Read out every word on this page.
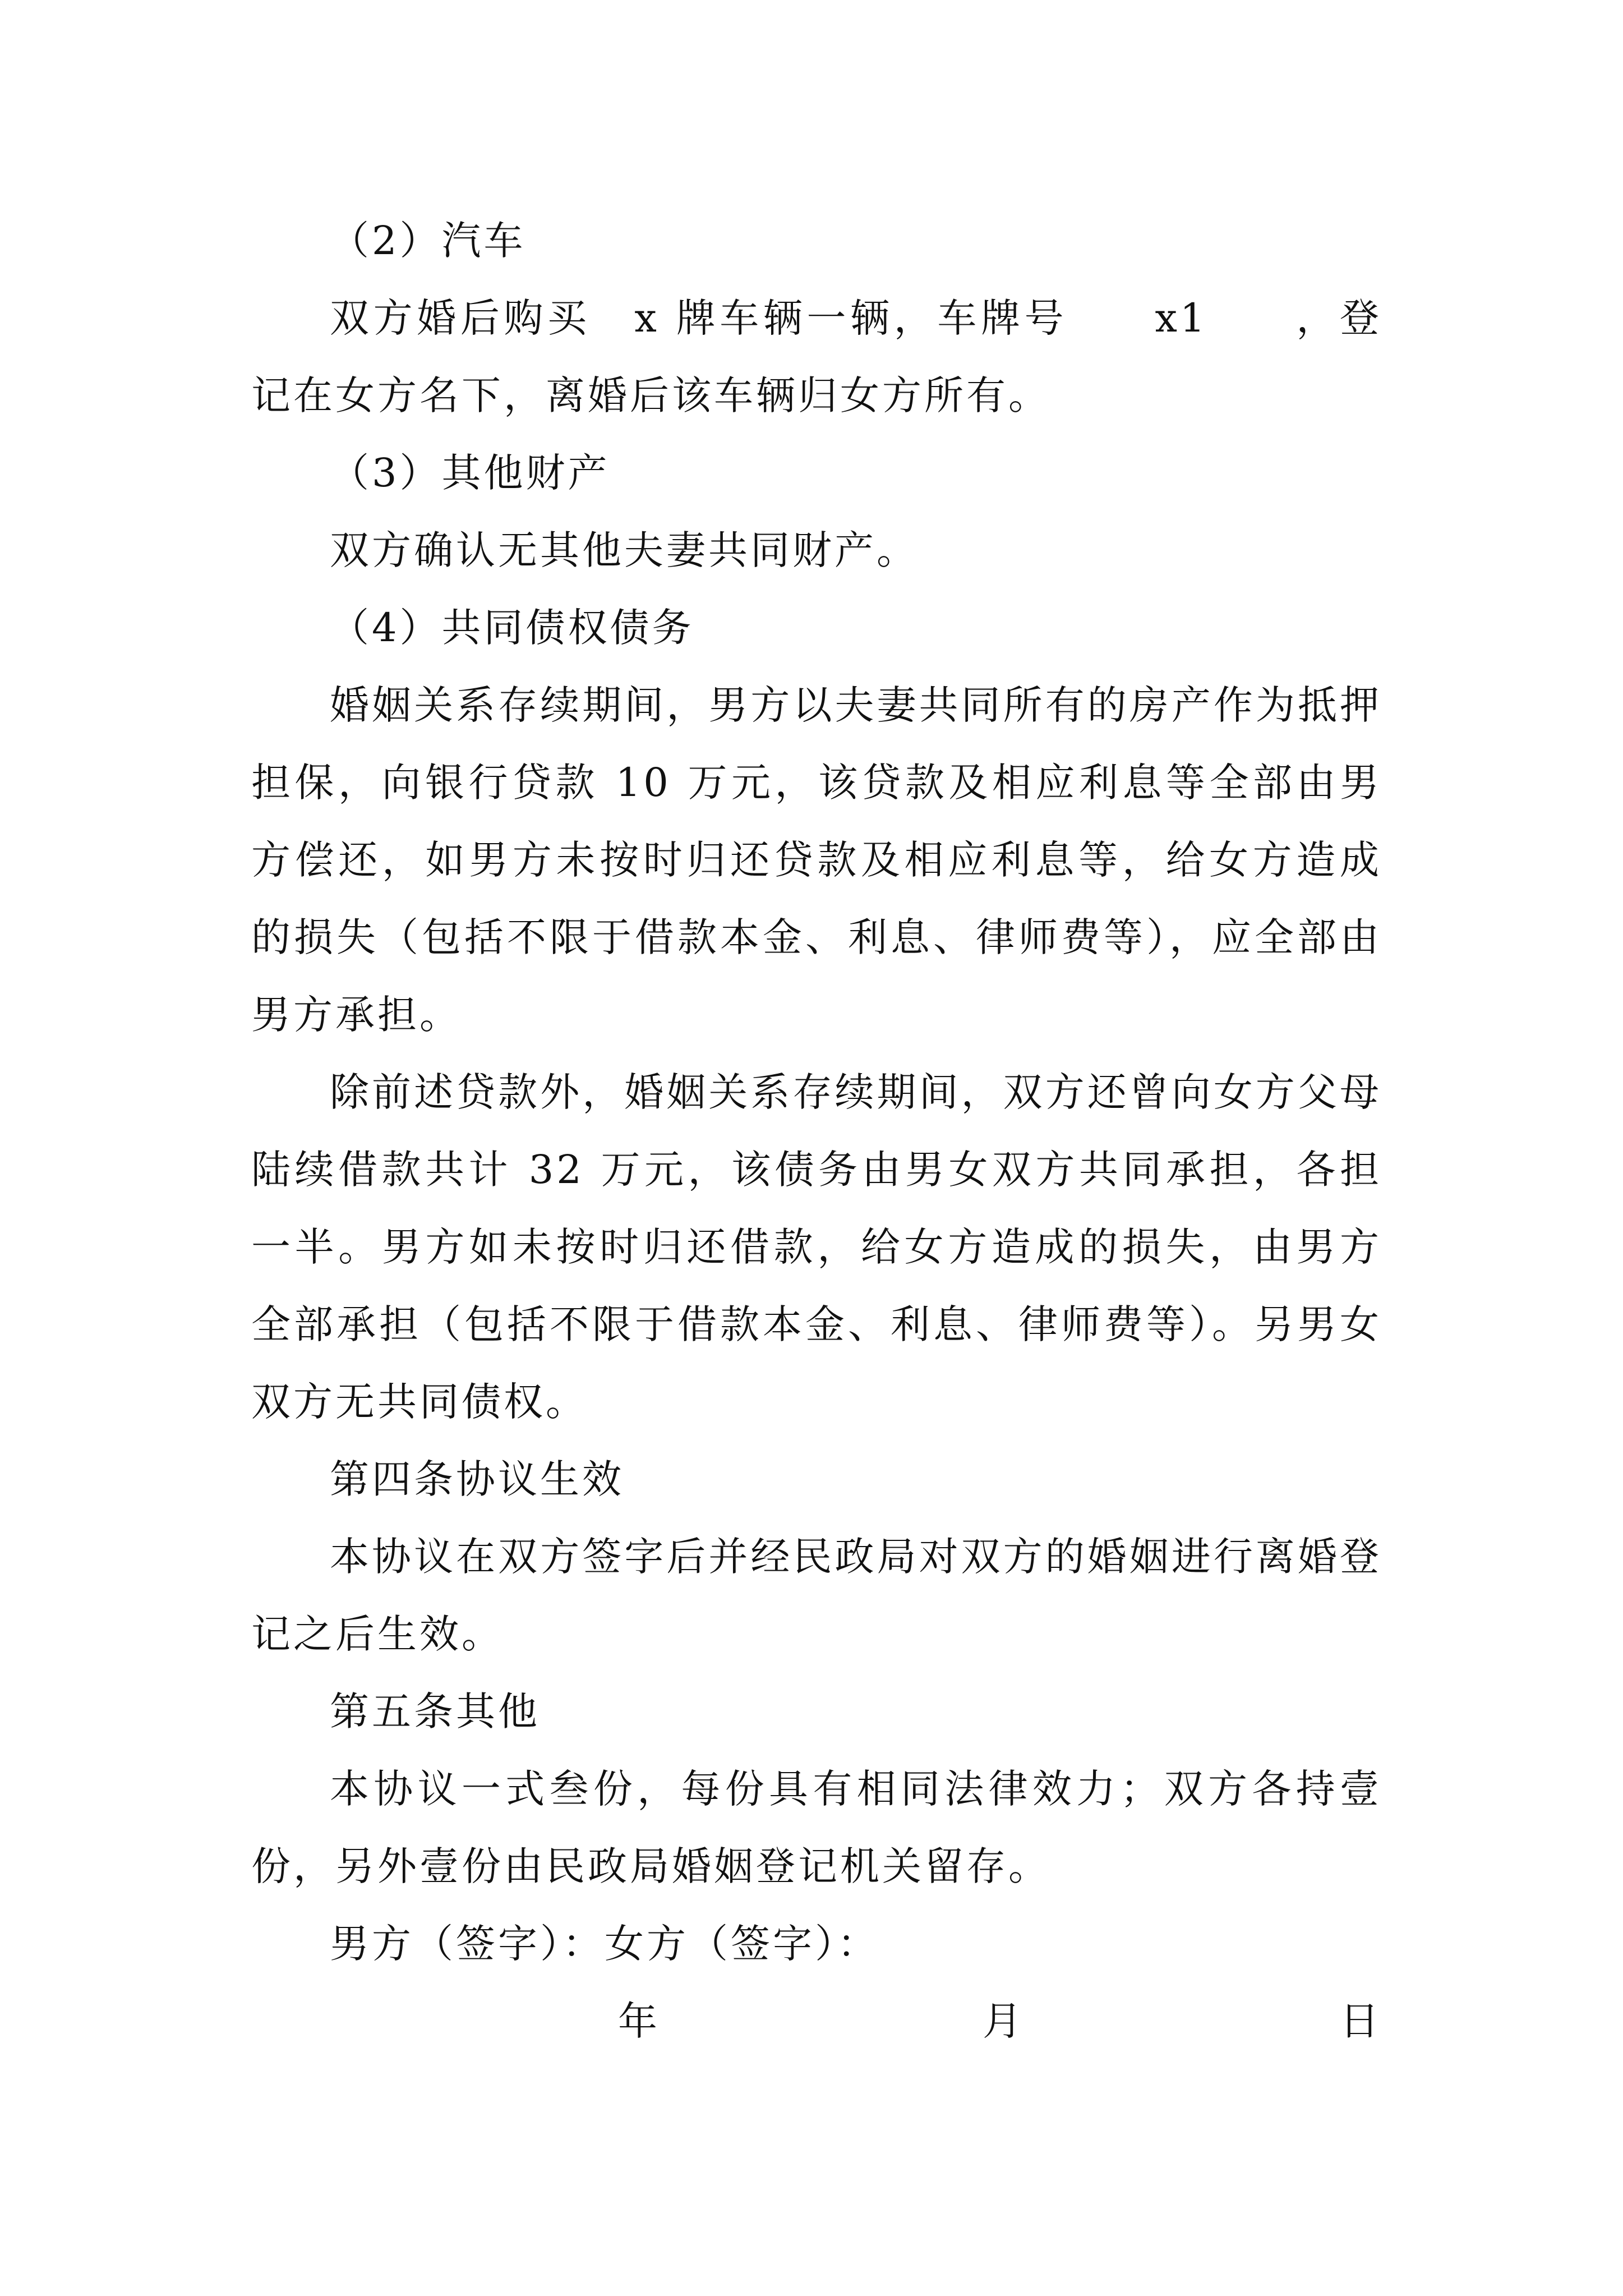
（2）汽车

双方婚后购买　x 牌车辆一辆，车牌号　　x1　　，登记在女方名下，离婚后该车辆归女方所有。

（3）其他财产

双方确认无其他夫妻共同财产。

（4）共同债权债务

婚姻关系存续期间，男方以夫妻共同所有的房产作为抵押担保，向银行贷款 10 万元，该贷款及相应利息等全部由男方偿还，如男方未按时归还贷款及相应利息等，给女方造成的损失（包括不限于借款本金、利息、律师费等），应全部由男方承担。

除前述贷款外，婚姻关系存续期间，双方还曾向女方父母陆续借款共计 32 万元，该债务由男女双方共同承担，各担一半。男方如未按时归还借款，给女方造成的损失，由男方全部承担（包括不限于借款本金、利息、律师费等）。另男女双方无共同债权。

第四条协议生效

本协议在双方签字后并经民政局对双方的婚姻进行离婚登记之后生效。

第五条其他

本协议一式叁份，每份具有相同法律效力；双方各持壹份，另外壹份由民政局婚姻登记机关留存。

男方（签字）：女方（签字）：

年	月	日
